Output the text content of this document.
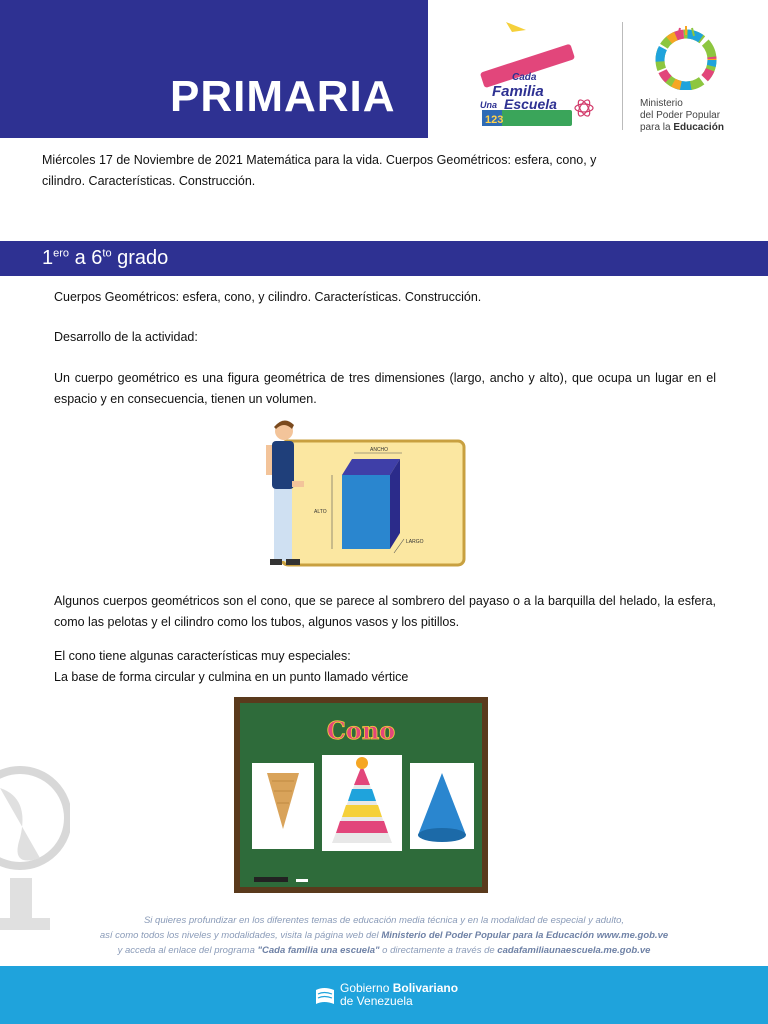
PRIMARIA	Cada
Familia
Una Escuela
123
Ministerio
del Poder Popular
para la Educación
Miércoles 17 de Noviembre de 2021 Matemática para la vida. Cuerpos Geométricos: esfera, cono, y cilindro. Características. Construcción.
$1^{ero}$ a $6^{to}$ grado
Cuerpos Geométricos: esfera, cono, y cilindro. Características. Construcción.
Desarrollo de la actividad:
Un cuerpo geométrico es una figura geométrica de tres dimensiones (largo, ancho y alto), que ocupa un lugar en el espacio y en consecuencia, tienen un volumen.
ANCHO
ALTO
LARGO
Algunos cuerpos geométricos son el cono, que se parece al sombrero del payaso o a la barquilla del helado, la esfera, como las pelotas y el cilindro como los tubos, algunos vasos y los pitillos.
El cono tiene algunas características muy especiales:
La base de forma circular y culmina en un punto llamado vértice
Cono
Si quieres profundizar en los diferentes temas de educación media técnica y en la modalidad de especial y adulto,
así como todos los niveles y modalidades, visita la página web del Ministerio del Poder Popular para la Educación www.me.gob.ve
y acceda al enlace del programa "Cada familia una escuela" o directamente a través de cadafamiliaunaescuela.me.gob.ve
Gobierno Bolivariano
de Venezuela
